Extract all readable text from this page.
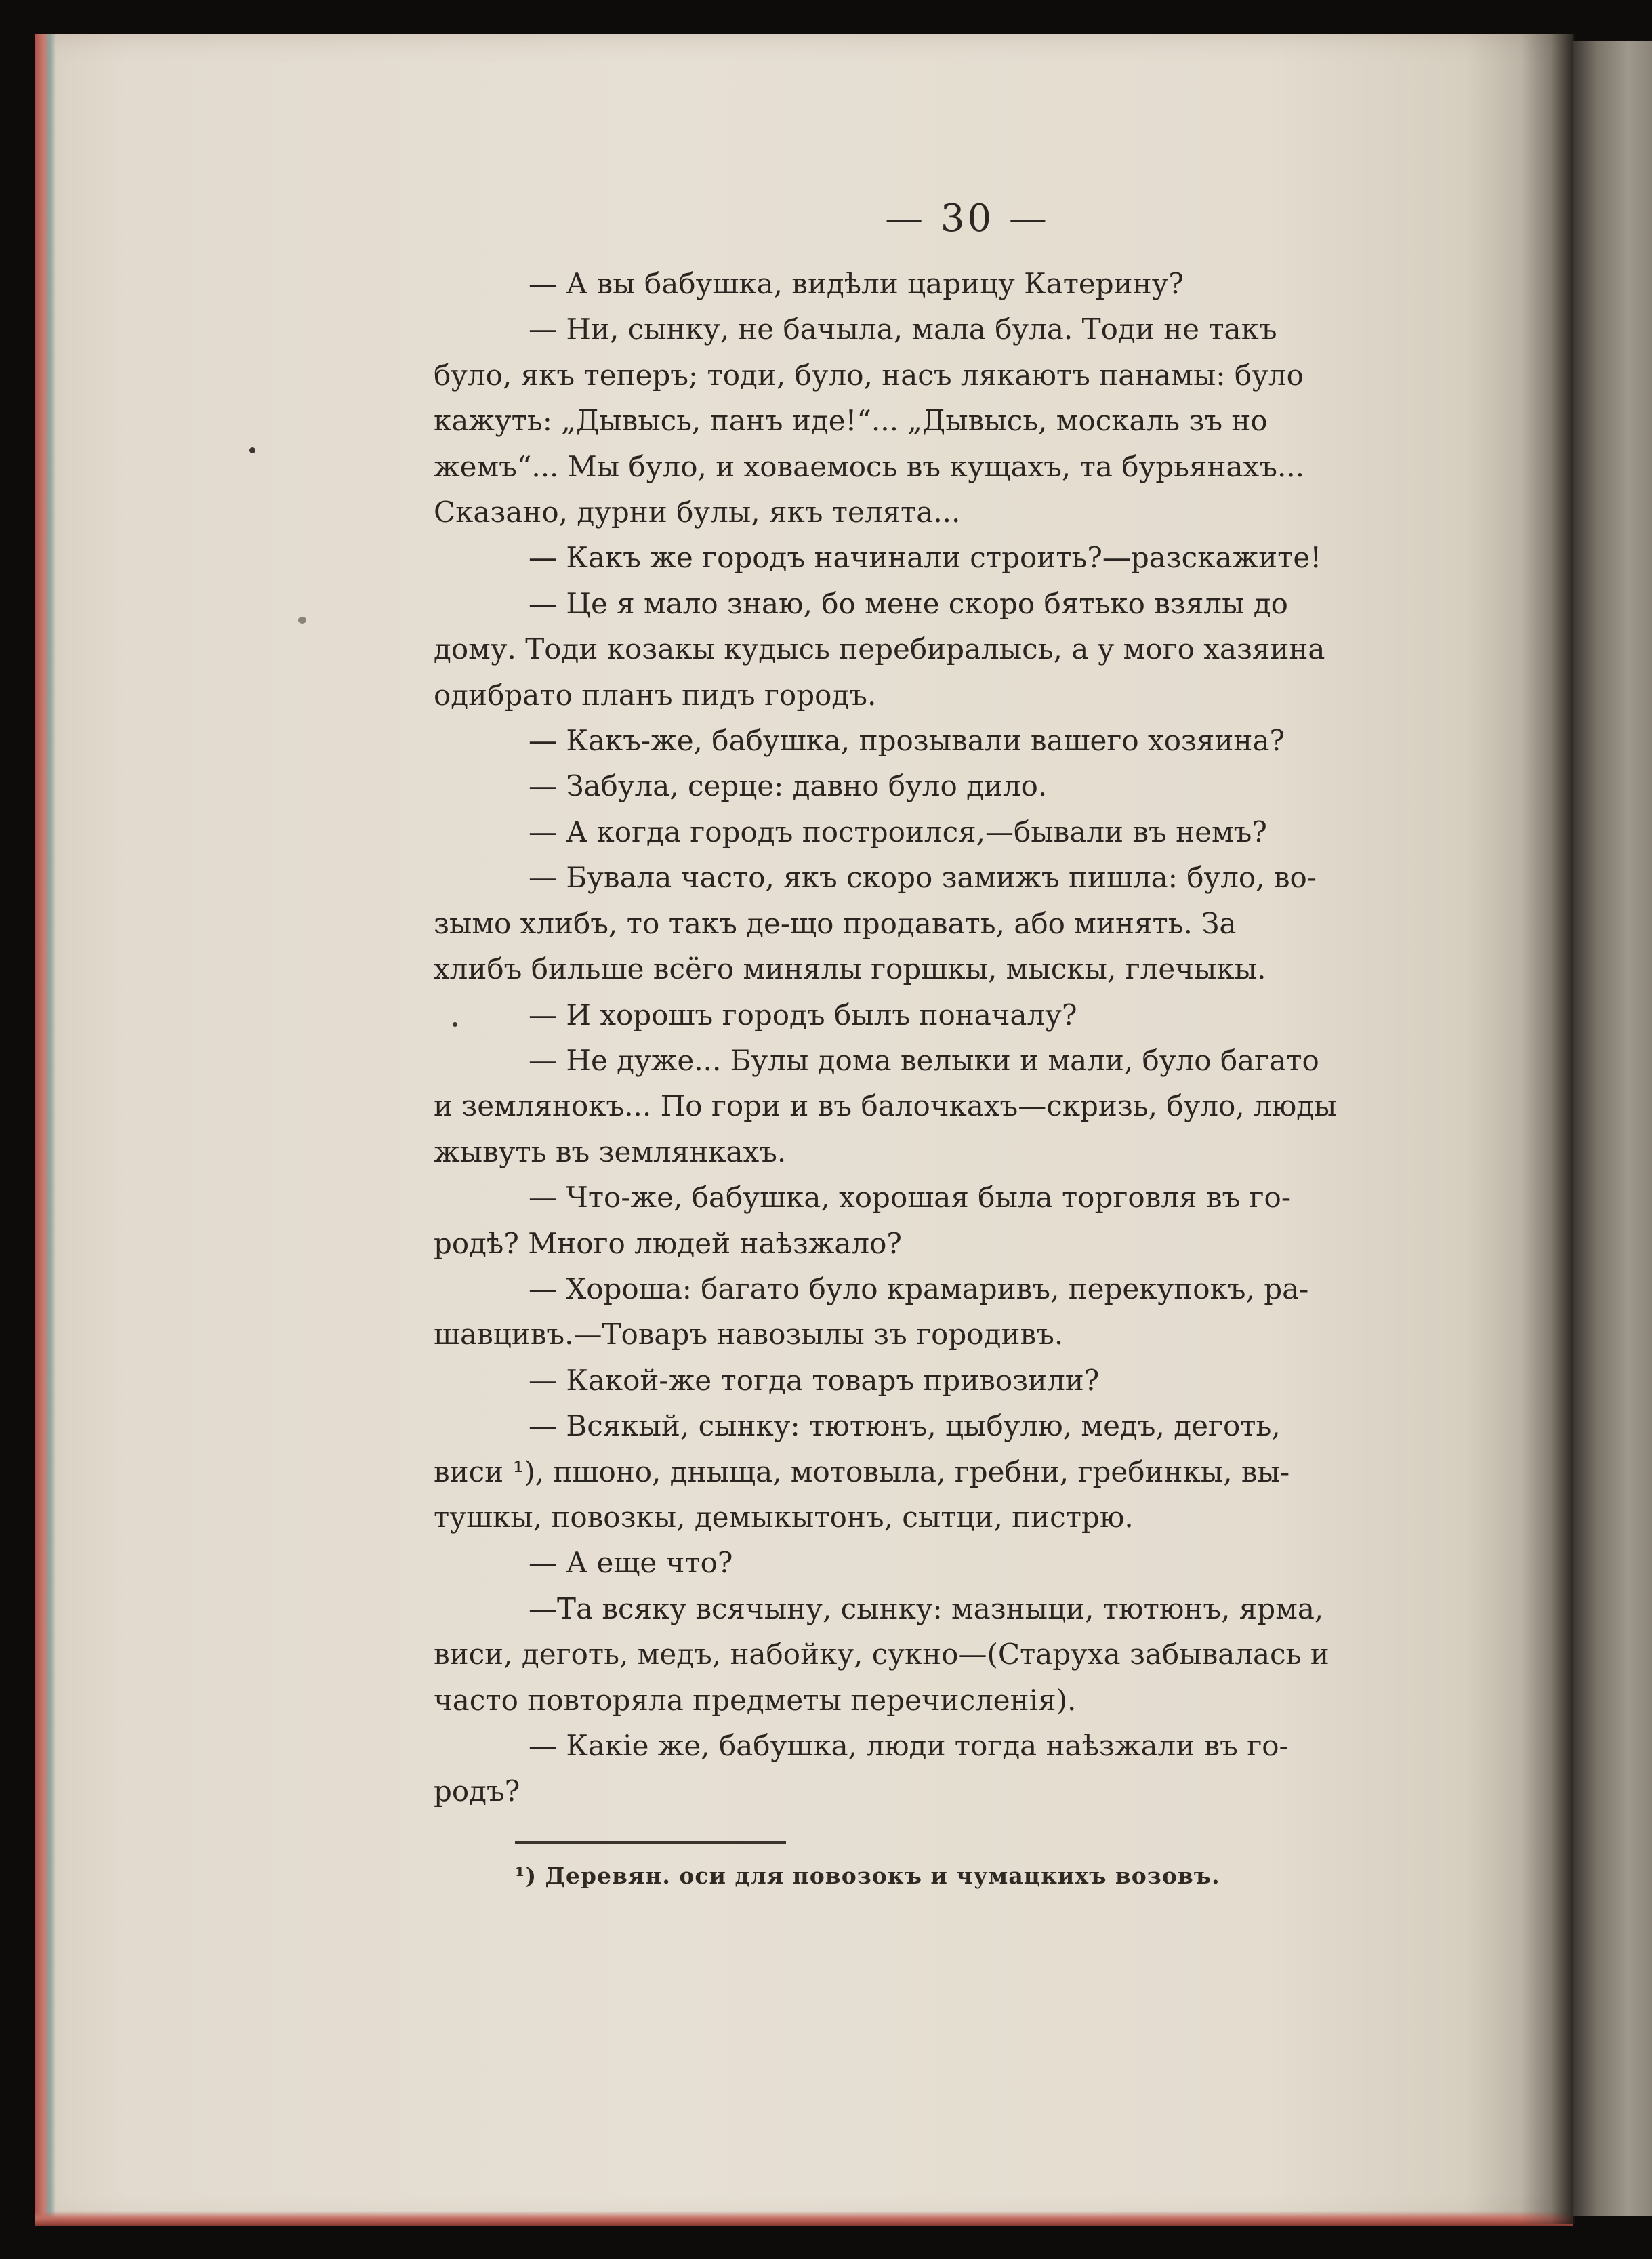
— 30 —
— А вы бабушка, видѣли царицу Катерину?
— Ни, сынку, не бачыла, мала була. Тоди не такъ
було, якъ теперъ; тоди, було, насъ лякаютъ панамы: було
кажуть: „Дывысь, панъ иде!“... „Дывысь, москаль зъ но
жемъ“... Мы було, и ховаемось въ кущахъ, та бурьянахъ...
Сказано, дурни булы, якъ телята...
— Какъ же городъ начинали строить?—разскажите!
— Це я мало знаю, бо мене скоро бятько взялы до
дому. Тоди козакы кудысь перебиралысь, а у мого хазяина
одибрато планъ пидъ городъ.
— Какъ-же, бабушка, прозывали вашего хозяина?
— Забула, серце: давно було дило.
— А когда городъ построился,—бывали въ немъ?
— Бувала часто, якъ скоро замижъ пишла: було, во-
зымо хлибъ, то такъ де-що продавать, або минять. За
хлибъ бильше всёго минялы горшкы, мыскы, глечыкы.
— И хорошъ городъ былъ поначалу?
— Не дуже... Булы дома велыки и мали, було багато
и землянокъ... По гори и въ балочкахъ—скризь, було, люды
жывуть въ землянкахъ.
— Что-же, бабушка, хорошая была торговля въ го-
родѣ? Много людей наѣзжало?
— Хороша: багато було крамаривъ, перекупокъ, ра-
шавцивъ.—Товаръ навозылы зъ городивъ.
— Какой-же тогда товаръ привозили?
— Всякый, сынку: тютюнъ, цыбулю, медъ, деготь,
виси ¹), пшоно, дныща, мотовыла, гребни, гребинкы, вы-
тушкы, повозкы, демыкытонъ, сытци, пистрю.
— А еще что?
—Та всяку всячыну, сынку: мазныци, тютюнъ, ярма,
виси, деготь, медъ, набойку, сукно—(Старуха забывалась и
часто повторяла предметы перечисленія).
— Какіе же, бабушка, люди тогда наѣзжали въ го-
родъ?
¹) Деревян. оси для повозокъ и чумацкихъ возовъ.
